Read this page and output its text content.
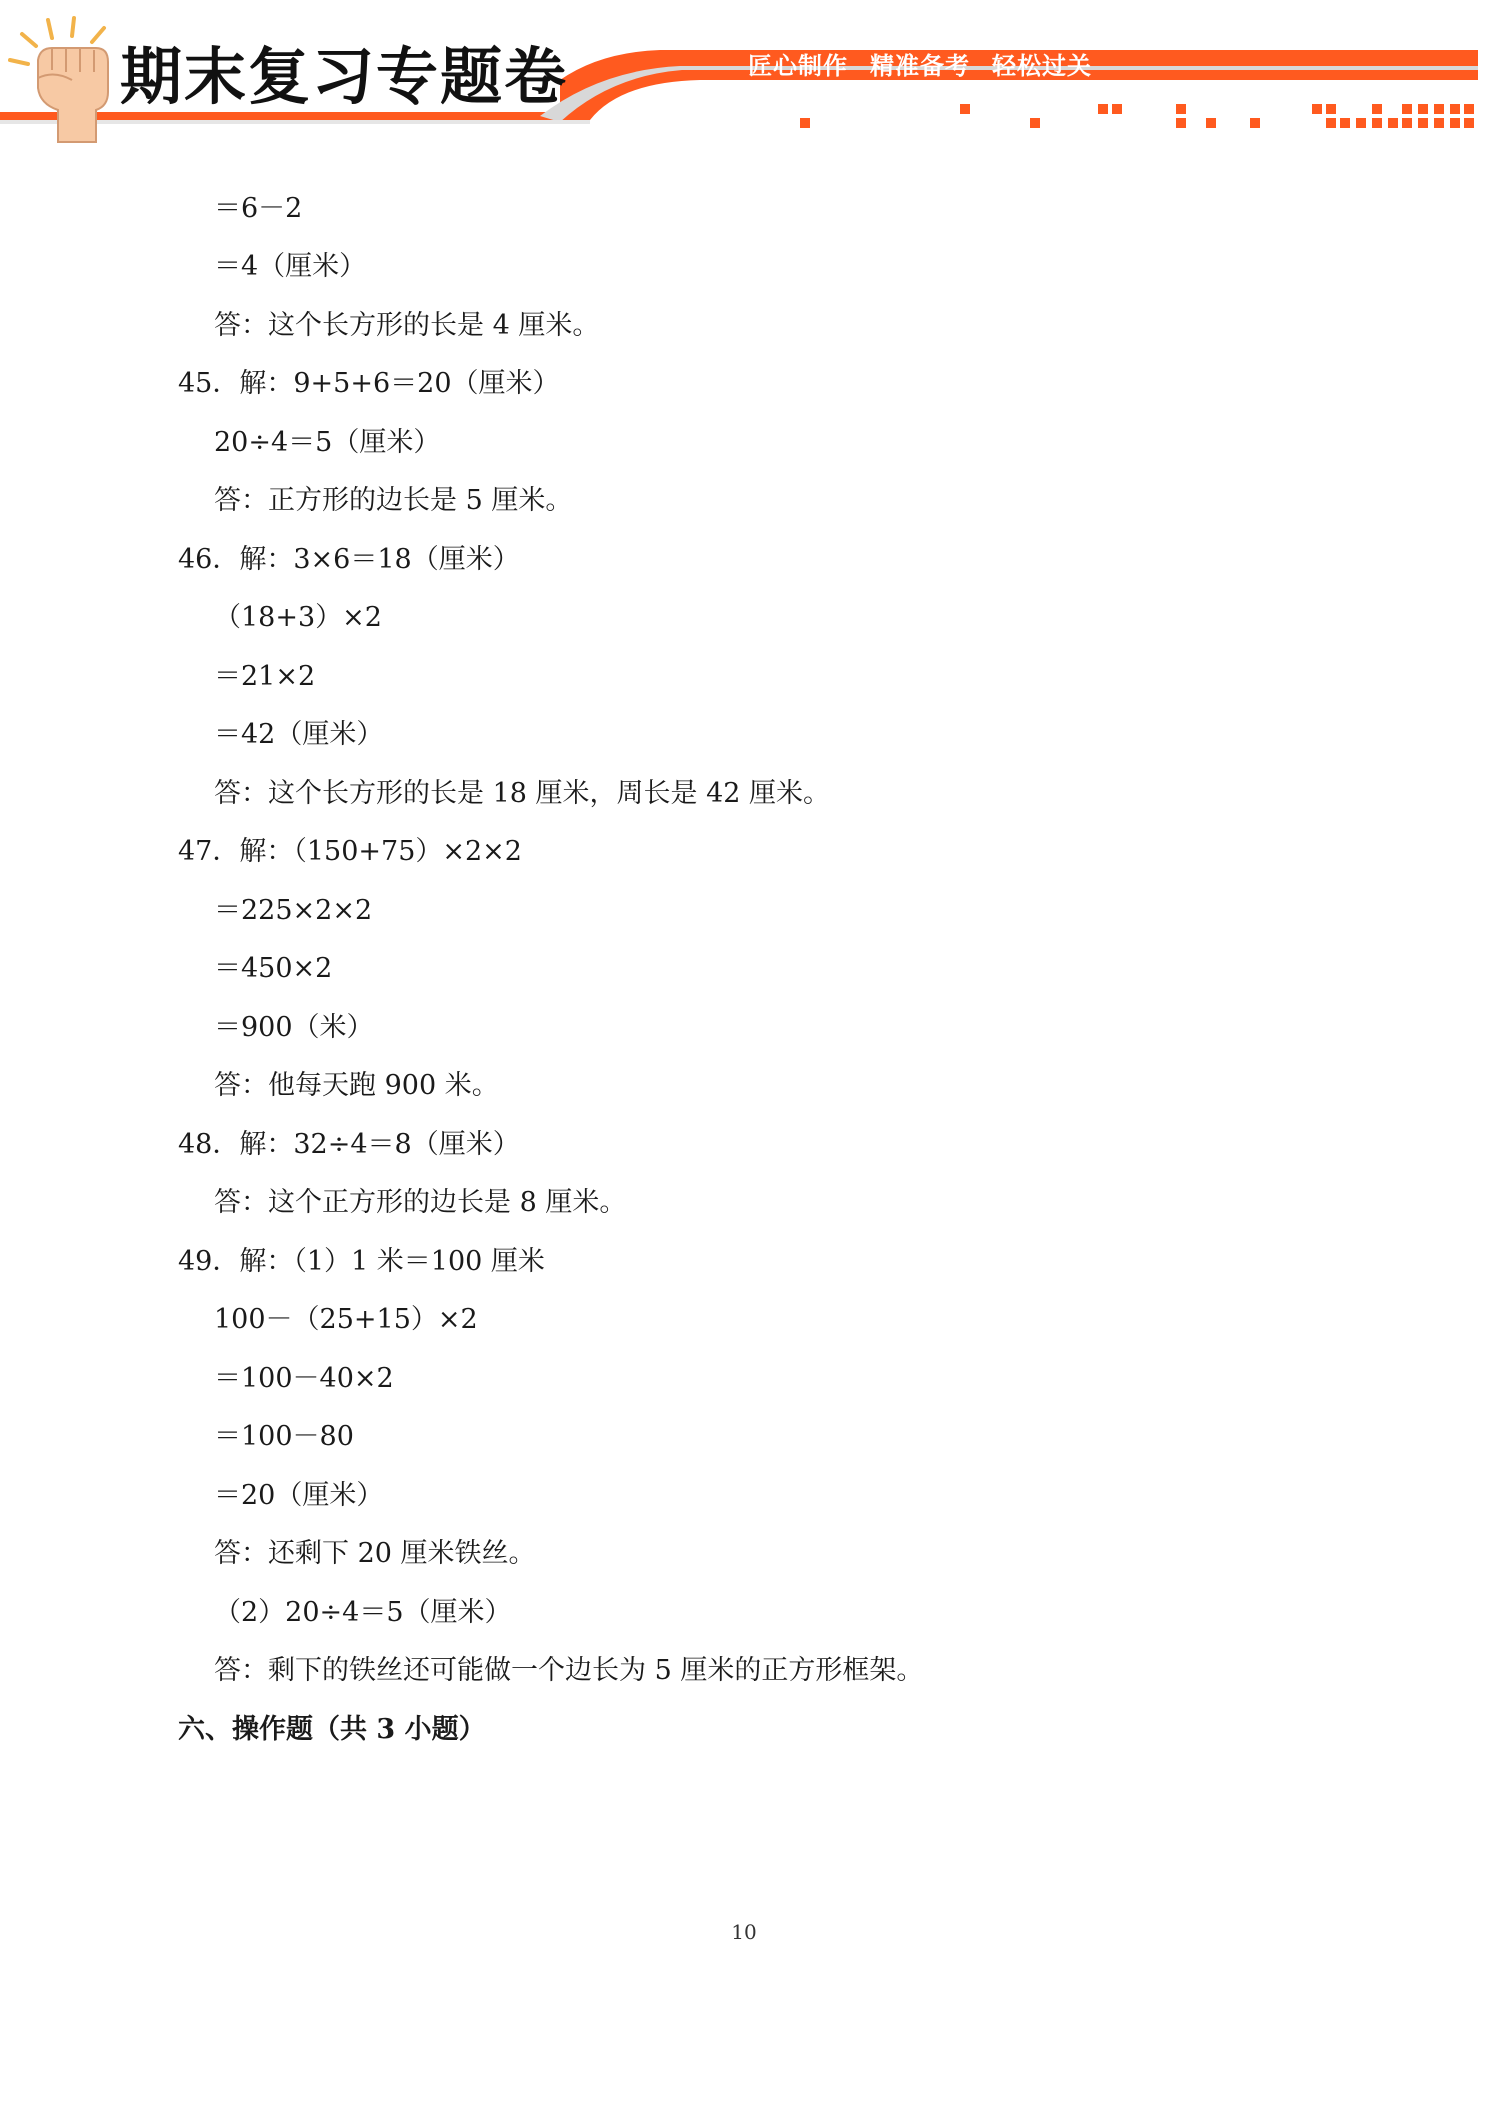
期末复习专题卷	匠心制作 精准备考 轻松过关
＝6－2
＝4（厘米）
答：这个长方形的长是 4 厘米。
45．解：9+5+6＝20（厘米）
20÷4＝5（厘米）
答：正方形的边长是 5 厘米。
46．解：3×6＝18（厘米）
（18+3）×2
＝21×2
＝42（厘米）
答：这个长方形的长是 18 厘米，周长是 42 厘米。
47．解：（150+75）×2×2
＝225×2×2
＝450×2
＝900（米）
答：他每天跑 900 米。
48．解：32÷4＝8（厘米）
答：这个正方形的边长是 8 厘米。
49．解：（1）1 米＝100 厘米
100－（25+15）×2
＝100－40×2
＝100－80
＝20（厘米）
答：还剩下 20 厘米铁丝。
（2）20÷4＝5（厘米）
答：剩下的铁丝还可能做一个边长为 5 厘米的正方形框架。
六、操作题（共 3 小题）
10
